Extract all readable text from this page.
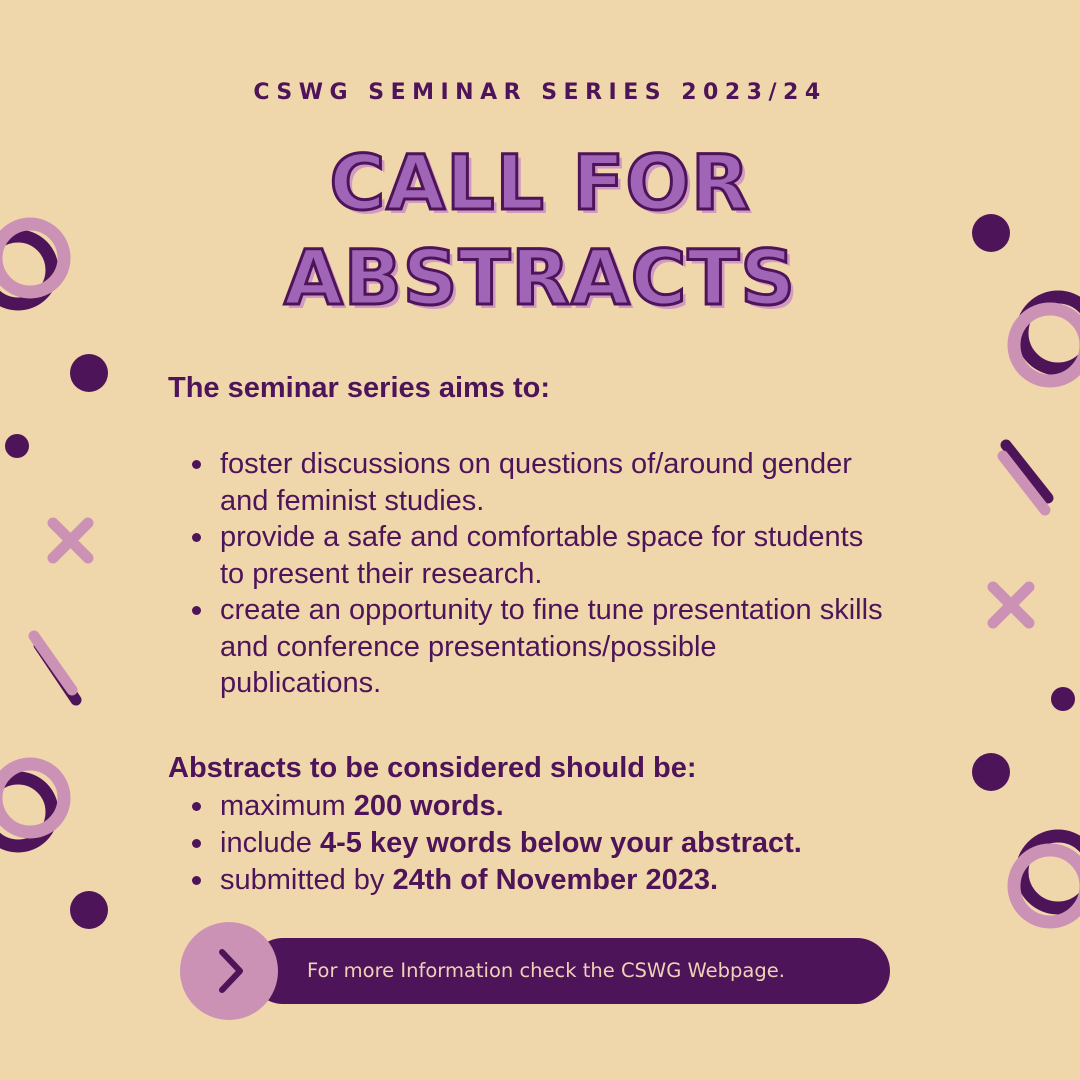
CSWG SEMINAR SERIES 2023/24
CALL FOR
ABSTRACTS

The seminar series aims to:

foster discussions on questions of/around gender
and feminist studies.
provide a safe and comfortable space for students
to present their research.
create an opportunity to fine tune presentation skills
and conference presentations/possible
publications.

Abstracts to be considered should be:

maximum 200 words.
include 4-5 key words below your abstract.
submitted by 24th of November 2023.
For more Information check the CSWG Webpage.
